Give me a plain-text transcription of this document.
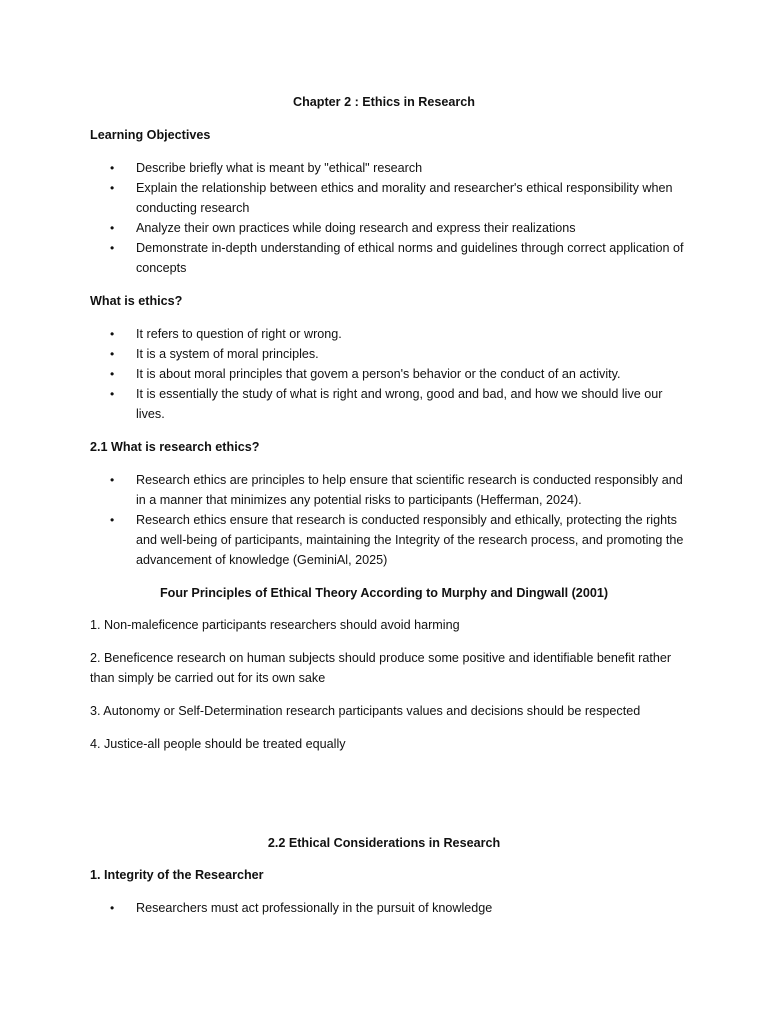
Chapter 2 : Ethics in Research
Learning Objectives
• Describe briefly what is meant by "ethical" research
• Explain the relationship between ethics and morality and researcher's ethical responsibility when conducting research
• Analyze their own practices while doing research and express their realizations
• Demonstrate in-depth understanding of ethical norms and guidelines through correct application of concepts
What is ethics?
• It refers to question of right or wrong.
• It is a system of moral principles.
• It is about moral principles that govem a person's behavior or the conduct of an activity.
• It is essentially the study of what is right and wrong, good and bad, and how we should live our lives.
2.1 What is research ethics?
• Research ethics are principles to help ensure that scientific research is conducted responsibly and in a manner that minimizes any potential risks to participants (Hefferman, 2024).
• Research ethics ensure that research is conducted responsibly and ethically, protecting the rights and well-being of participants, maintaining the Integrity of the research process, and promoting the advancement of knowledge (GeminiAl, 2025)
Four Principles of Ethical Theory According to Murphy and Dingwall (2001)
1. Non-maleficence participants researchers should avoid harming
2. Beneficence research on human subjects should produce some positive and identifiable benefit rather than simply be carried out for its own sake
3. Autonomy or Self-Determination research participants values and decisions should be respected
4. Justice-all people should be treated equally
2.2 Ethical Considerations in Research
1. Integrity of the Researcher
• Researchers must act professionally in the pursuit of knowledge
